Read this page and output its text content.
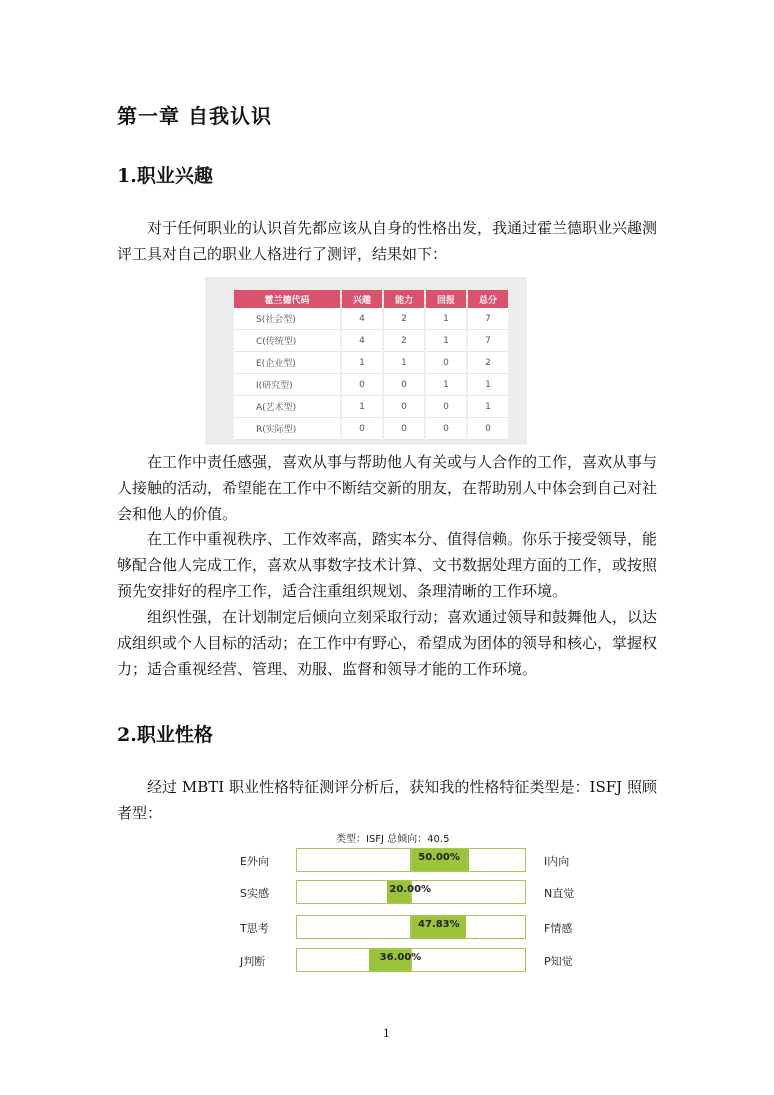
第一章 自我认识
1.职业兴趣

对于任何职业的认识首先都应该从自身的性格出发，我通过霍兰德职业兴趣测评工具对自己的职业人格进行了测评，结果如下：

霍兰德代码	兴趣	能力	回报	总分
S(社会型)	4	2	1	7
C(传统型)	4	2	1	7
E(企业型)	1	1	0	2
I(研究型)	0	0	1	1
A(艺术型)	1	0	0	1
R(实际型)	0	0	0	0

在工作中责任感强，喜欢从事与帮助他人有关或与人合作的工作，喜欢从事与人接触的活动，希望能在工作中不断结交新的朋友，在帮助别人中体会到自己对社会和他人的价值。

在工作中重视秩序、工作效率高，踏实本分、值得信赖。你乐于接受领导，能够配合他人完成工作，喜欢从事数字技术计算、文书数据处理方面的工作，或按照预先安排好的程序工作，适合注重组织规划、条理清晰的工作环境。

组织性强，在计划制定后倾向立刻采取行动；喜欢通过领导和鼓舞他人，以达成组织或个人目标的活动；在工作中有野心，希望成为团体的领导和核心，掌握权力；适合重视经营、管理、劝服、监督和领导才能的工作环境。

2.职业性格

经过 MBTI 职业性格特征测评分析后，获知我的性格特征类型是：ISFJ 照顾者型：

类型：ISFJ 总倾向：40.5
E外向	50.00%	I内向
S实感	20.00%	N直觉
T思考	47.83%	F情感
J判断	36.00%	P知觉
1
